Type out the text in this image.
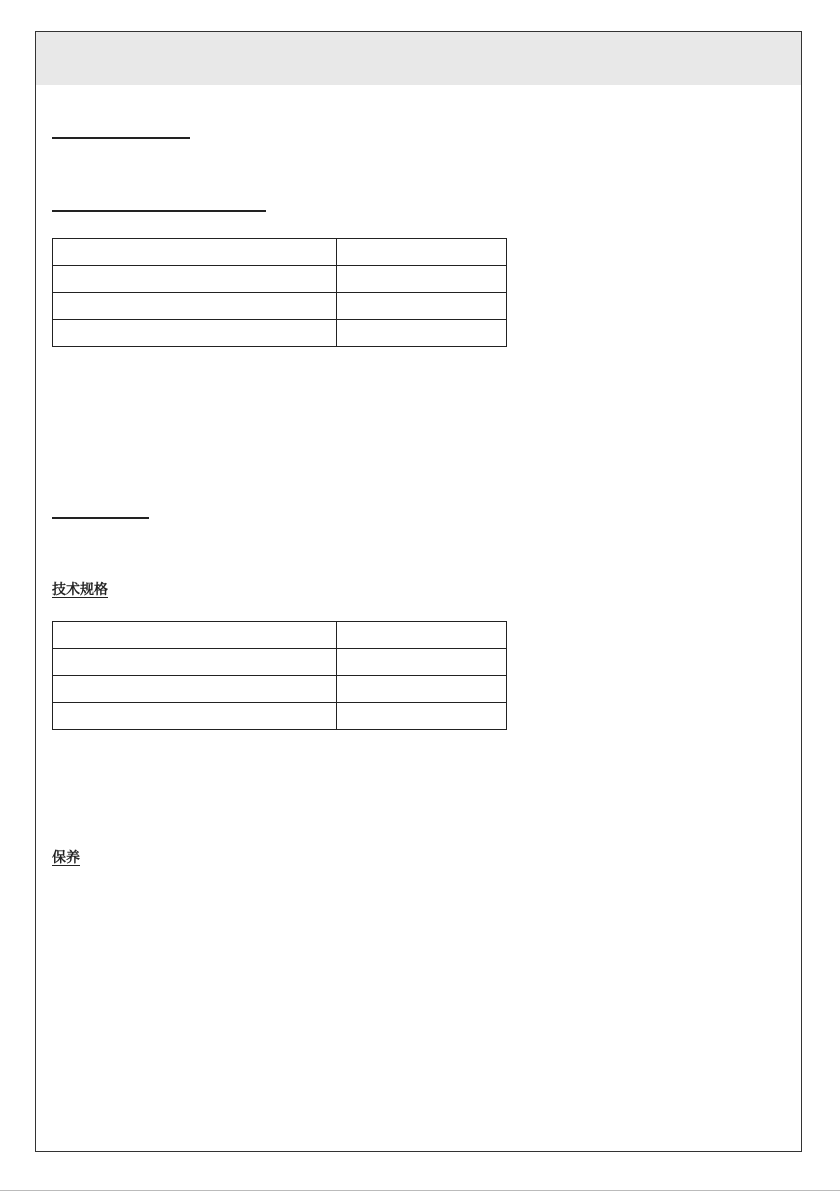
技术规格

保养
